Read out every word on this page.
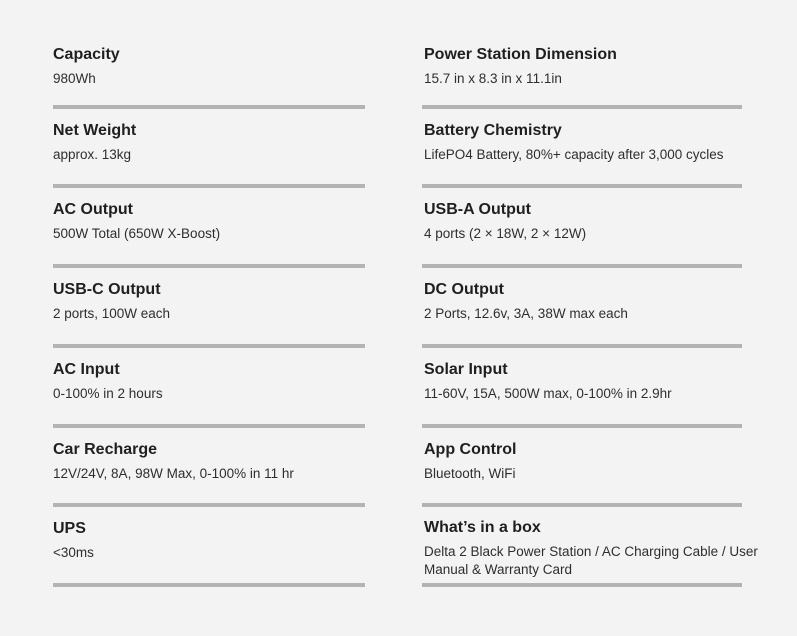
Capacity
980Wh
Net Weight
approx. 13kg
AC Output
500W Total (650W X-Boost)
USB-C Output
2 ports, 100W each
AC Input
0-100% in 2 hours
Car Recharge
12V/24V, 8A, 98W Max, 0-100% in 11 hr
UPS
<30ms
Power Station Dimension
15.7 in x 8.3 in x 11.1in
Battery Chemistry
LifePO4 Battery, 80%+ capacity after 3,000 cycles
USB-A Output
4 ports (2 × 18W, 2 × 12W)
DC Output
2 Ports, 12.6v, 3A, 38W max each
Solar Input
11-60V, 15A, 500W max, 0-100% in 2.9hr
App Control
Bluetooth, WiFi
What’s in a box
Delta 2 Black Power Station / AC Charging Cable / User Manual & Warranty Card
